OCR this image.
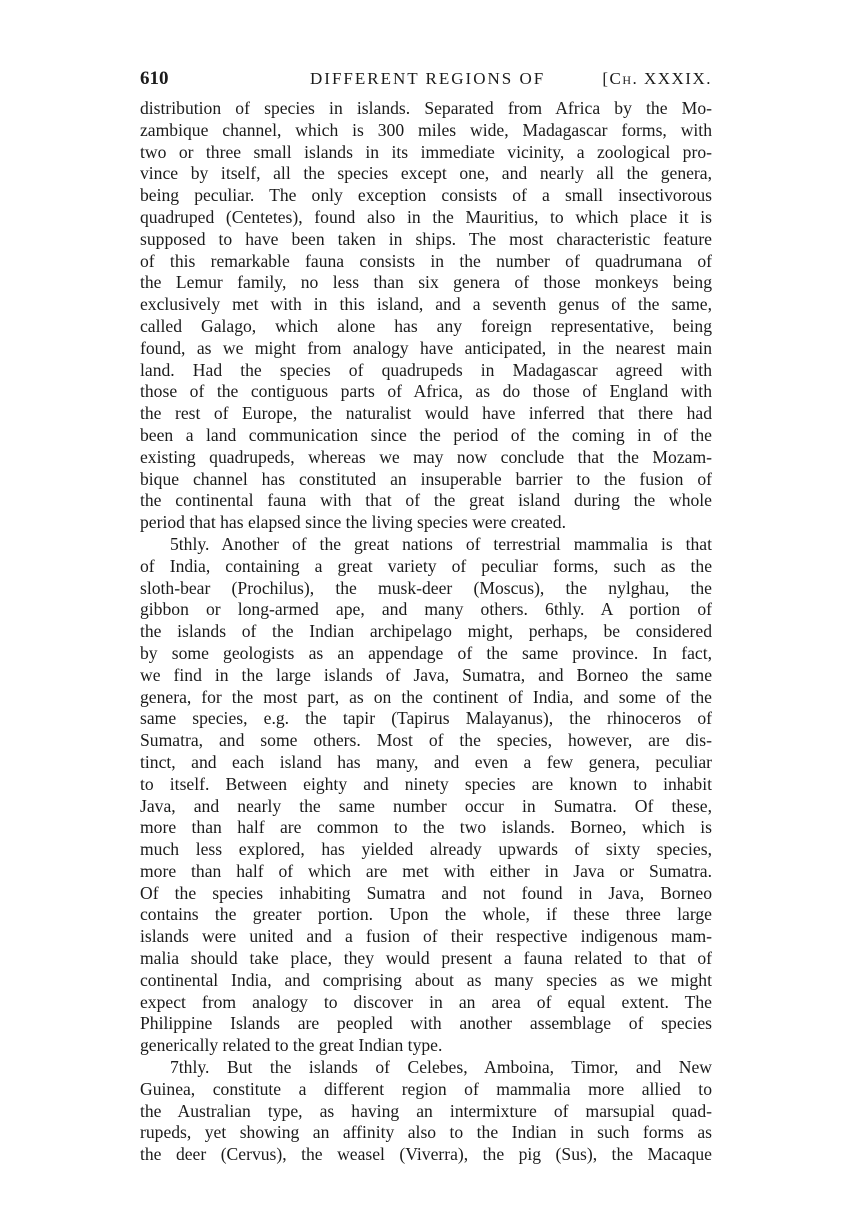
610	DIFFERENT REGIONS OF	[Ch. XXXIX.
distribution of species in islands. Separated from Africa by the Mo-
zambique channel, which is 300 miles wide, Madagascar forms, with
two or three small islands in its immediate vicinity, a zoological pro-
vince by itself, all the species except one, and nearly all the genera,
being peculiar. The only exception consists of a small insectivorous
quadruped (Centetes), found also in the Mauritius, to which place it is
supposed to have been taken in ships. The most characteristic feature
of this remarkable fauna consists in the number of quadrumana of
the Lemur family, no less than six genera of those monkeys being
exclusively met with in this island, and a seventh genus of the same,
called Galago, which alone has any foreign representative, being
found, as we might from analogy have anticipated, in the nearest main
land. Had the species of quadrupeds in Madagascar agreed with
those of the contiguous parts of Africa, as do those of England with
the rest of Europe, the naturalist would have inferred that there had
been a land communication since the period of the coming in of the
existing quadrupeds, whereas we may now conclude that the Mozam-
bique channel has constituted an insuperable barrier to the fusion of
the continental fauna with that of the great island during the whole
period that has elapsed since the living species were created.
5thly. Another of the great nations of terrestrial mammalia is that
of India, containing a great variety of peculiar forms, such as the
sloth-bear (Prochilus), the musk-deer (Moscus), the nylghau, the
gibbon or long-armed ape, and many others. 6thly. A portion of
the islands of the Indian archipelago might, perhaps, be considered
by some geologists as an appendage of the same province. In fact,
we find in the large islands of Java, Sumatra, and Borneo the same
genera, for the most part, as on the continent of India, and some of the
same species, e.g. the tapir (Tapirus Malayanus), the rhinoceros of
Sumatra, and some others. Most of the species, however, are dis-
tinct, and each island has many, and even a few genera, peculiar
to itself. Between eighty and ninety species are known to inhabit
Java, and nearly the same number occur in Sumatra. Of these,
more than half are common to the two islands. Borneo, which is
much less explored, has yielded already upwards of sixty species,
more than half of which are met with either in Java or Sumatra.
Of the species inhabiting Sumatra and not found in Java, Borneo
contains the greater portion. Upon the whole, if these three large
islands were united and a fusion of their respective indigenous mam-
malia should take place, they would present a fauna related to that of
continental India, and comprising about as many species as we might
expect from analogy to discover in an area of equal extent. The
Philippine Islands are peopled with another assemblage of species
generically related to the great Indian type.
7thly. But the islands of Celebes, Amboina, Timor, and New
Guinea, constitute a different region of mammalia more allied to
the Australian type, as having an intermixture of marsupial quad-
rupeds, yet showing an affinity also to the Indian in such forms as
the deer (Cervus), the weasel (Viverra), the pig (Sus), the Macaque
